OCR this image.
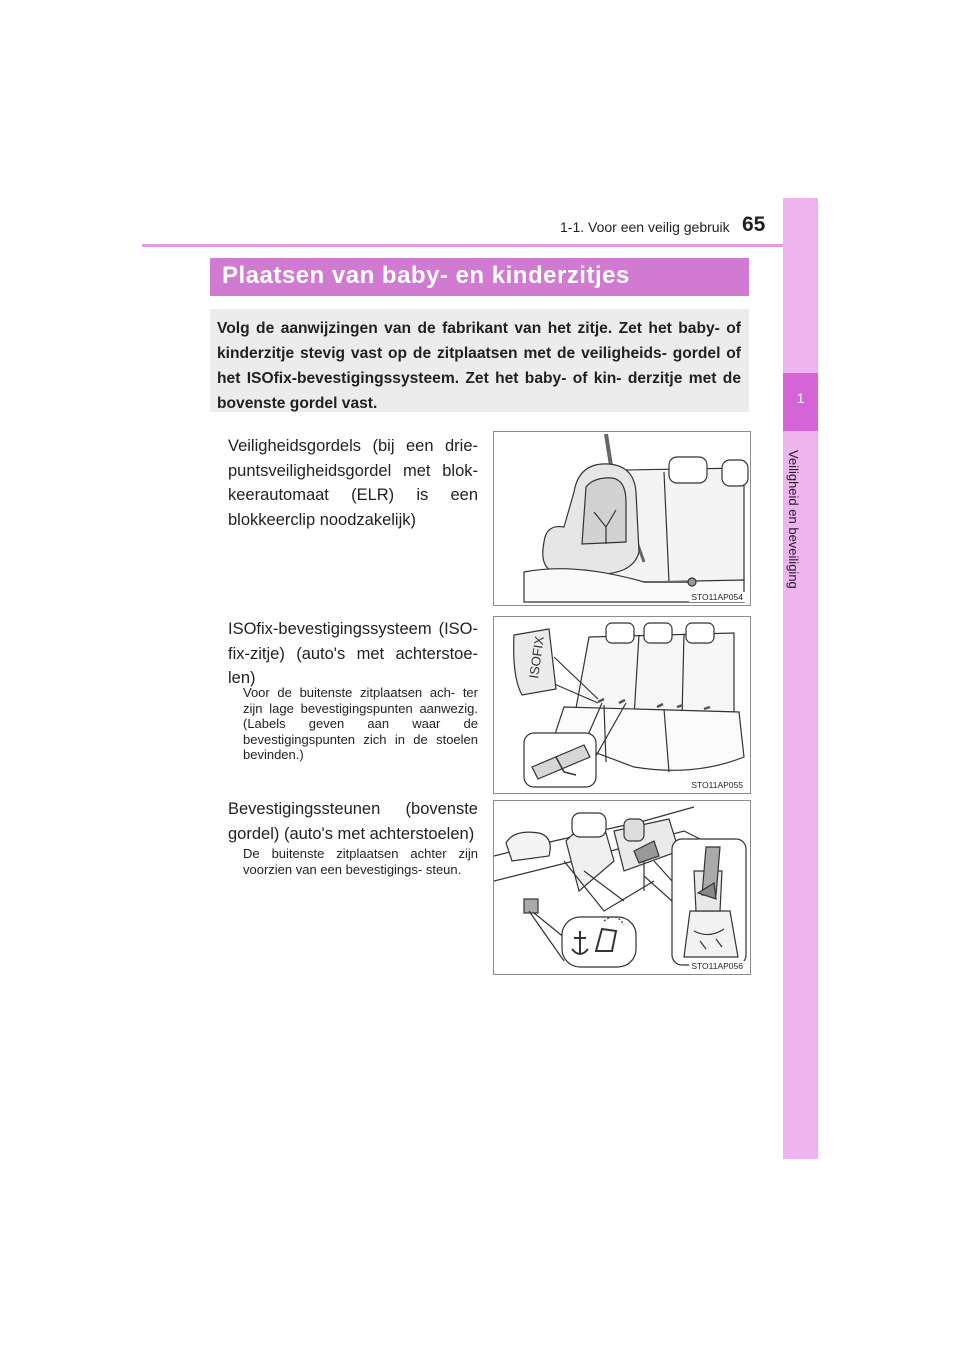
1-1. Voor een veilig gebruik 65
1
Veiligheid en beveiliging
Plaatsen van baby- en kinderzitjes
Volg de aanwijzingen van de fabrikant van het zitje. Zet het baby- of kinderzitje stevig vast op de zitplaatsen met de veiligheids- gordel of het ISOfix-bevestigingssysteem. Zet het baby- of kin- derzitje met de bovenste gordel vast.
Veiligheidsgordels (bij een drie- puntsveiligheidsgordel met blok- keerautomaat (ELR) is een blokkeerclip noodzakelijk)
STO11AP054
ISOfix-bevestigingssysteem (ISO- fix-zitje) (auto's met achterstoe- len)
Voor de buitenste zitplaatsen ach- ter zijn lage bevestigingspunten aanwezig. (Labels geven aan waar de bevestigingspunten zich in de stoelen bevinden.)
ISOFIX
STO11AP055
Bevestigingssteunen (bovenste gordel) (auto's met achterstoelen)
De buitenste zitplaatsen achter zijn voorzien van een bevestigings- steun.
STO11AP056
